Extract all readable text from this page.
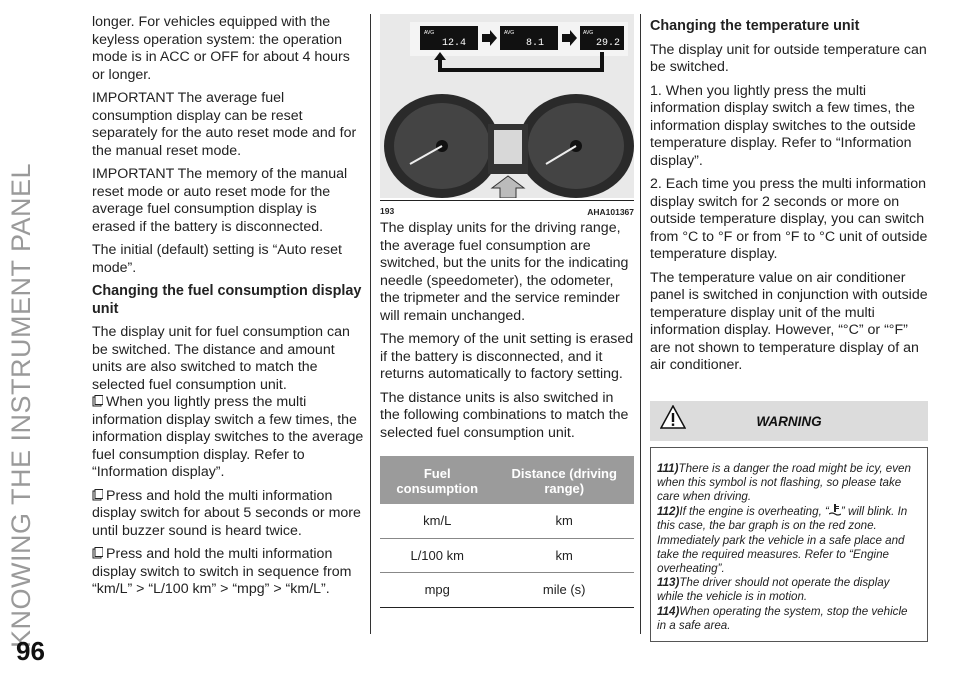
KNOWING THE INSTRUMENT PANEL
96

longer. For vehicles equipped with the keyless operation system: the operation mode is in ACC or OFF for about 4 hours or longer.

IMPORTANT The average fuel consumption display can be reset separately for the auto reset mode and for the manual reset mode.

IMPORTANT The memory of the manual reset mode or auto reset mode for the average fuel consumption display is erased if the battery is disconnected.

The initial (default) setting is “Auto reset mode”.

Changing the fuel consumption display unit

The display unit for fuel consumption can be switched. The distance and amount units are also switched to match the selected fuel consumption unit.

When you lightly press the multi information display switch a few times, the information display switches to the average fuel consumption display. Refer to “Information display”.
Press and hold the multi information display switch for about 5 seconds or more until buzzer sound is heard twice.
Press and hold the multi information display switch to switch in sequence from “km/L” > “L/100 km” > “mpg” > “km/L”.
AVG
12.4
AVG
8.1
AVG
29.2
193	AHA101367

The display units for the driving range, the average fuel consumption are switched, but the units for the indicating needle (speedometer), the odometer, the tripmeter and the service reminder will remain unchanged.

The memory of the unit setting is erased if the battery is disconnected, and it returns automatically to factory setting.

The distance units is also switched in the following combinations to match the selected fuel consumption unit.

Fuel consumption	Distance (driving range)
km/L	km
L/100 km	km
mpg	mile (s)
Changing the temperature unit

The display unit for outside temperature can be switched.

1. When you lightly press the multi information display switch a few times, the information display switches to the outside temperature display. Refer to “Information display”.

2. Each time you press the multi information display switch for 2 seconds or more on outside temperature display, you can switch from °C to °F or from °F to °C unit of outside temperature display.

The temperature value on air conditioner panel is switched in conjunction with outside temperature display unit of the multi information display. However, “°C” or “°F” are not shown to temperature display of an air conditioner.

WARNING

111)There is a danger the road might be icy, even when this symbol is not flashing, so please take care when driving.

112)If the engine is overheating, “ ” will blink. In this case, the bar graph is on the red zone. Immediately park the vehicle in a safe place and take the required measures. Refer to “Engine overheating”.

113)The driver should not operate the display while the vehicle is in motion.

114)When operating the system, stop the vehicle in a safe area.
